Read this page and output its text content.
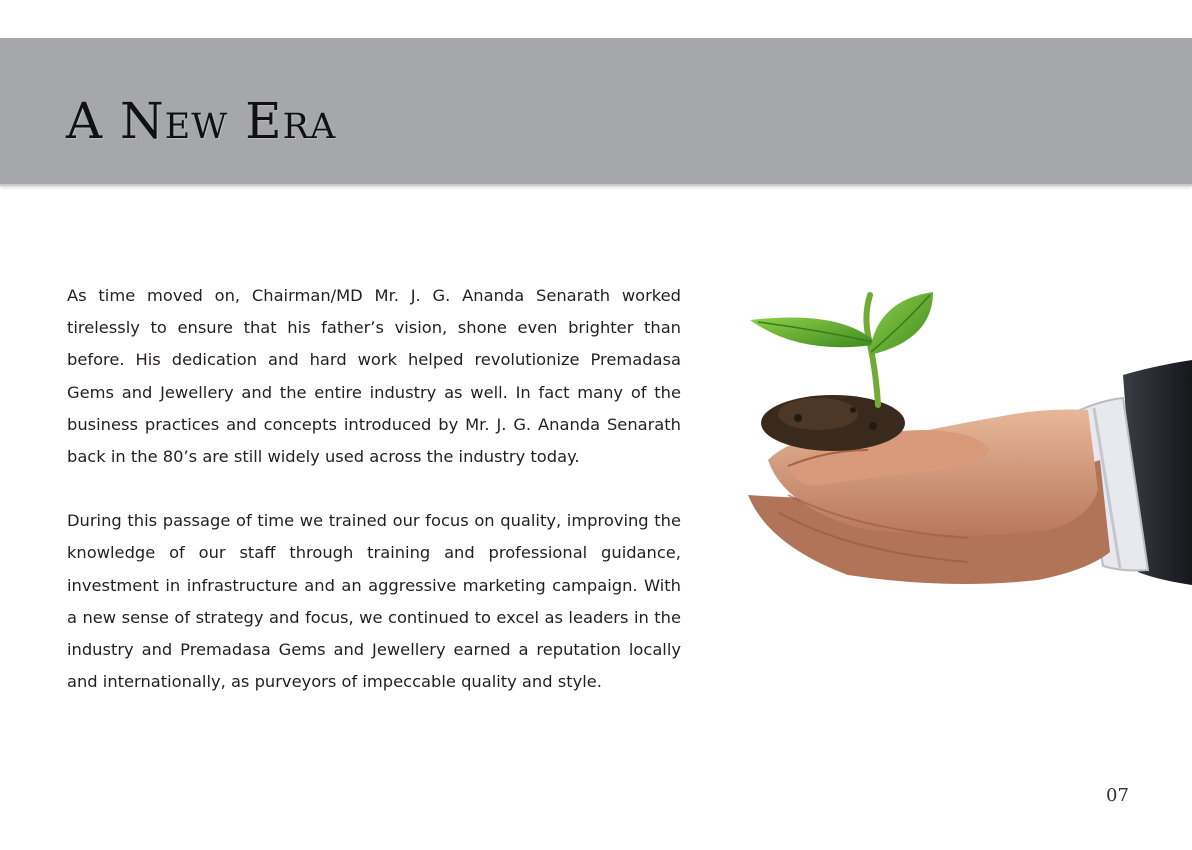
A New Era

As time moved on, Chairman/MD Mr. J. G. Ananda Senarath worked tirelessly to ensure that his father’s vision, shone even brighter than before. His dedication and hard work helped revolutionize Premadasa Gems and Jewellery and the entire industry as well. In fact many of the business practices and concepts introduced by Mr. J. G. Ananda Senarath back in the 80’s are still widely used across the industry today.

During this passage of time we trained our focus on quality, improving the knowledge of our staff through training and professional guidance, investment in infrastructure and an aggressive marketing campaign. With a new sense of strategy and focus, we continued to excel as leaders in the industry and Premadasa Gems and Jewellery earned a reputation locally and internationally, as purveyors of impeccable quality and style.

07
